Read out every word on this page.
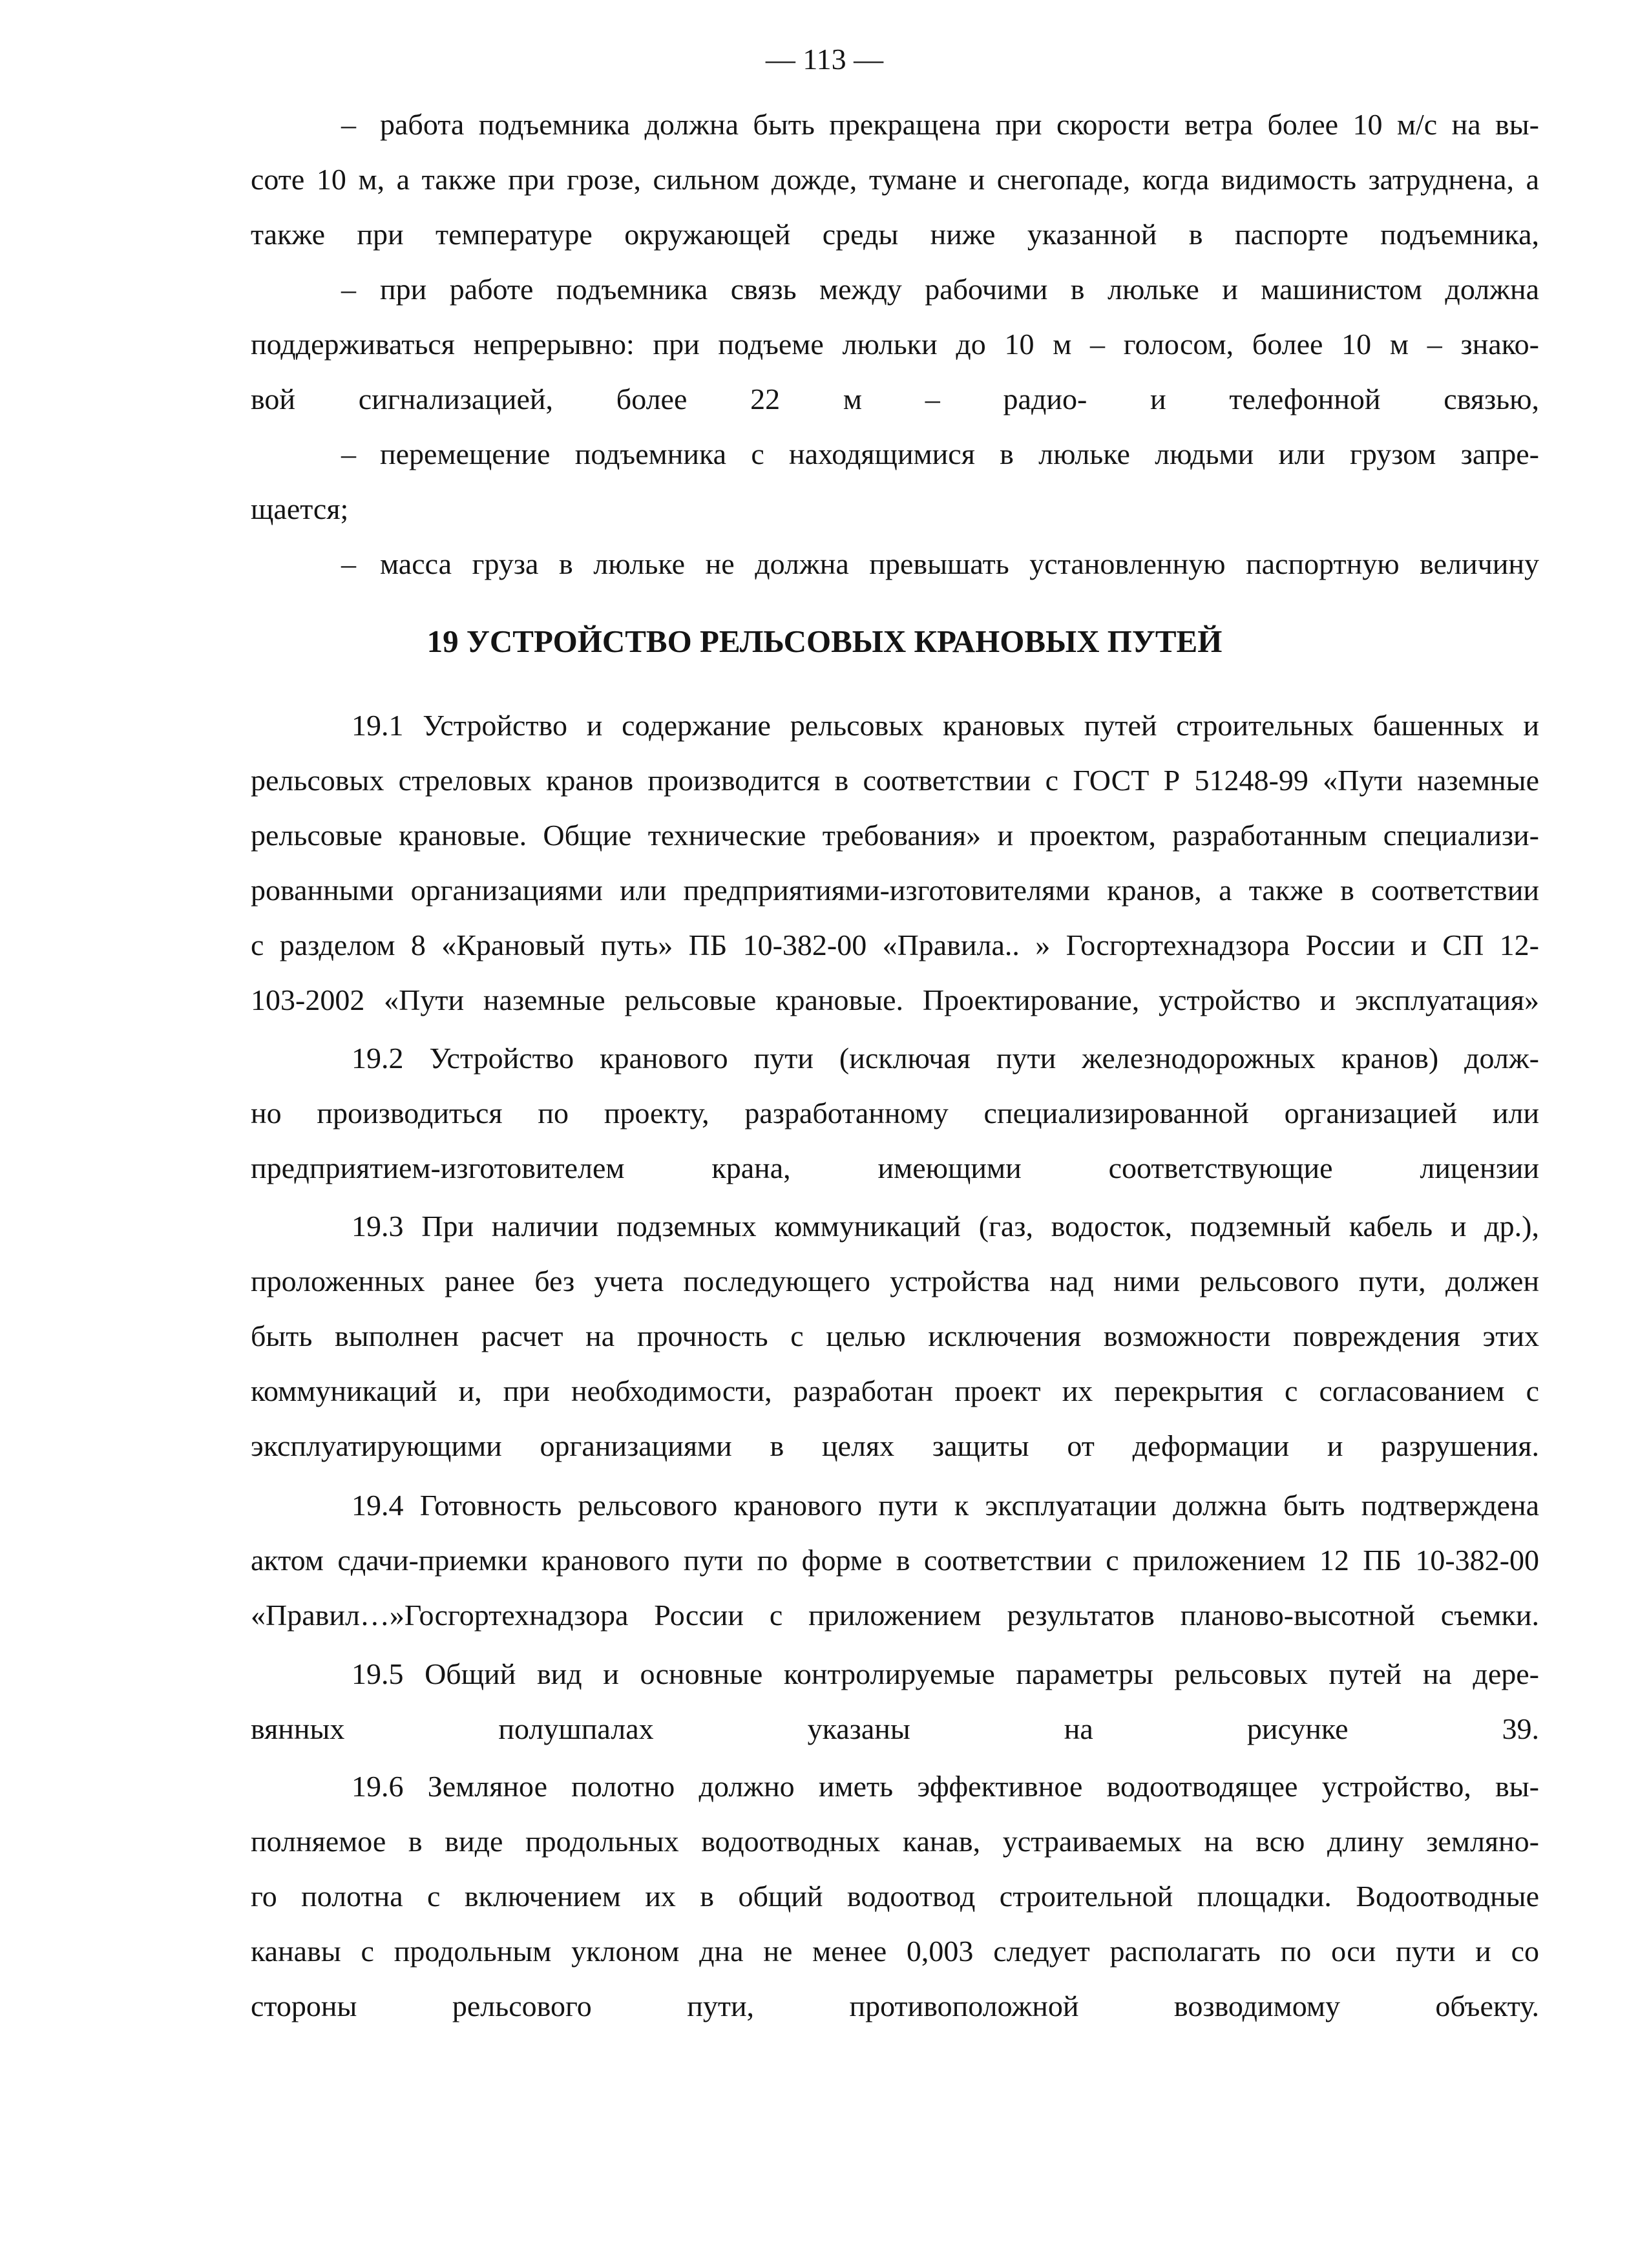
— 113 —
– работа подъемника должна быть прекращена при скорости ветра более 10 м/с на вы-
соте 10 м, а также при грозе, сильном дожде, тумане и снегопаде, когда видимость затруднена, а
также при температуре окружающей среды ниже указанной в паспорте подъемника,
– при работе подъемника связь между рабочими в люльке и машинистом должна
поддерживаться непрерывно: при подъеме люльки до 10 м – голосом, более 10 м – знако-
вой сигнализацией, более 22 м – радио- и телефонной связью,
– перемещение подъемника с находящимися в люльке людьми или грузом запре-
щается;
– масса груза в люльке не должна превышать установленную паспортную величину
19 УСТРОЙСТВО РЕЛЬСОВЫХ КРАНОВЫХ ПУТЕЙ
19.1 Устройство и содержание рельсовых крановых путей строительных башенных и
рельсовых стреловых кранов производится в соответствии с ГОСТ Р 51248-99 «Пути наземные
рельсовые крановые. Общие технические требования» и проектом, разработанным специализи-
рованными организациями или предприятиями-изготовителями кранов, а также в соответствии
с разделом 8 «Крановый путь» ПБ 10-382-00 «Правила.. » Госгортехнадзора России и СП 12-
103-2002 «Пути наземные рельсовые крановые. Проектирование, устройство и эксплуатация»
19.2 Устройство кранового пути (исключая пути железнодорожных кранов) долж-
но производиться по проекту, разработанному специализированной организацией или
предприятием-изготовителем крана, имеющими соответствующие лицензии
19.3 При наличии подземных коммуникаций (газ, водосток, подземный кабель и др.),
проложенных ранее без учета последующего устройства над ними рельсового пути, должен
быть выполнен расчет на прочность с целью исключения возможности повреждения этих
коммуникаций и, при необходимости, разработан проект их перекрытия с согласованием с
эксплуатирующими организациями в целях защиты от деформации и разрушения.
19.4 Готовность рельсового кранового пути к эксплуатации должна быть подтверждена
актом сдачи-приемки кранового пути по форме в соответствии с приложением 12 ПБ 10-382-00
«Правил…»Госгортехнадзора России с приложением результатов планово-высотной съемки.
19.5 Общий вид и основные контролируемые параметры рельсовых путей на дере-
вянных полушпалах указаны на рисунке 39.
19.6 Земляное полотно должно иметь эффективное водоотводящее устройство, вы-
полняемое в виде продольных водоотводных канав, устраиваемых на всю длину земляно-
го полотна с включением их в общий водоотвод строительной площадки. Водоотводные
канавы с продольным уклоном дна не менее 0,003 следует располагать по оси пути и со
стороны рельсового пути, противоположной возводимому объекту.
